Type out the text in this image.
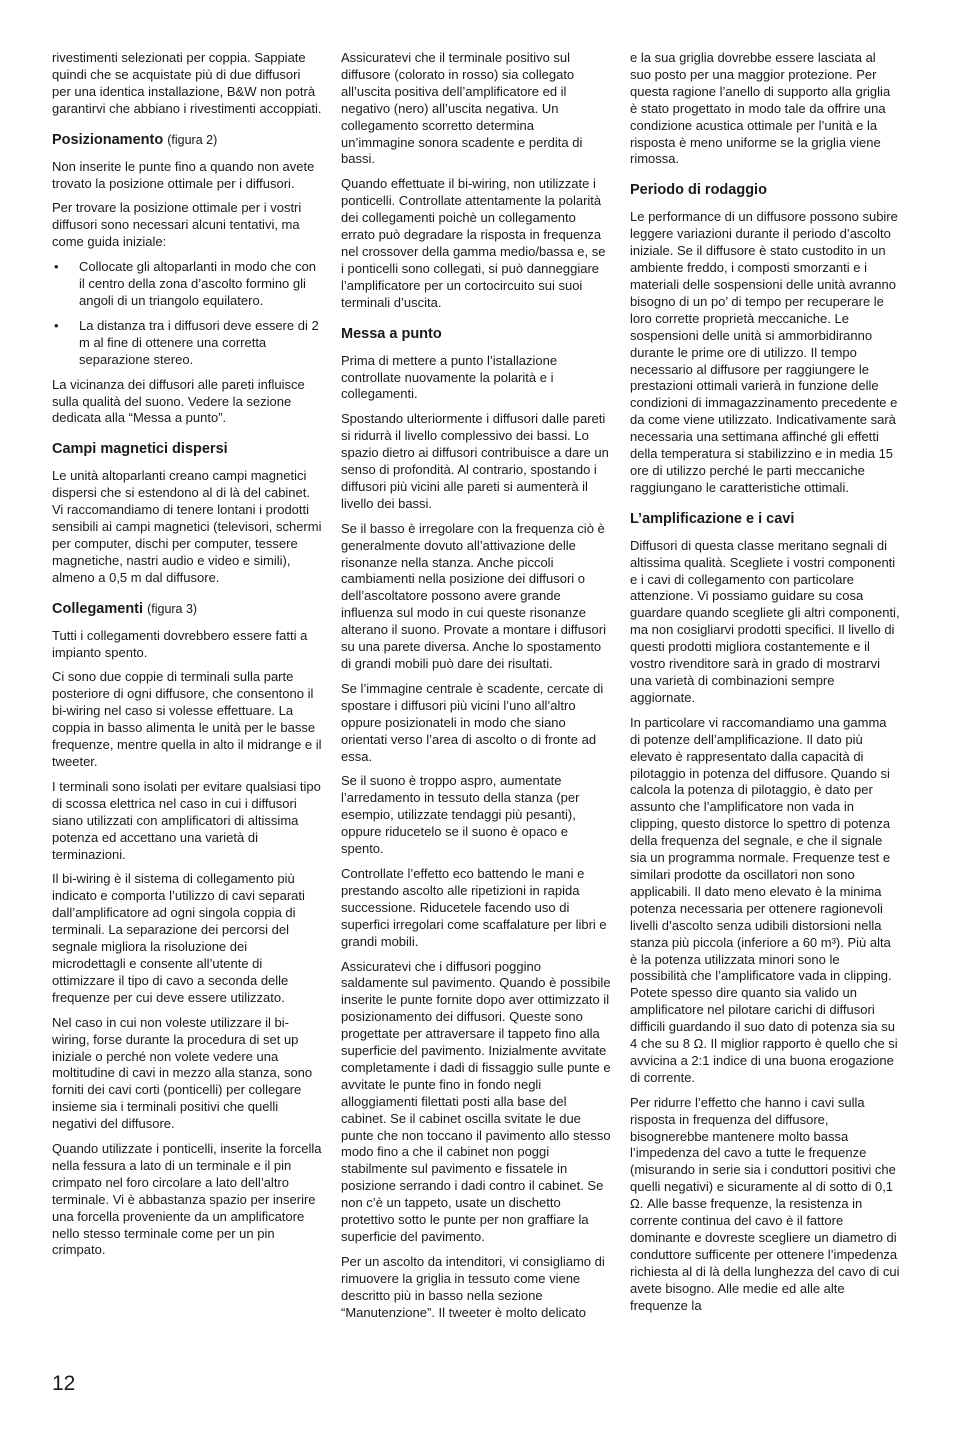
rivestimenti selezionati per coppia. Sappiate quindi che se acquistate più di due diffusori per una identica installazione, B&W non potrà garantirvi che abbiano i rivestimenti accoppiati.

Posizionamento (figura 2)

Non inserite le punte fino a quando non avete trovato la posizione ottimale per i diffusori.

Per trovare la posizione ottimale per i vostri diffusori sono necessari alcuni tentativi, ma come guida iniziale:

• Collocate gli altoparlanti in modo che con il centro della zona d’ascolto formino gli angoli di un triangolo equilatero.
• La distanza tra i diffusori deve essere di 2 m al fine di ottenere una corretta separazione stereo.

La vicinanza dei diffusori alle pareti influisce sulla qualità del suono. Vedere la sezione dedicata alla “Messa a punto”.

Campi magnetici dispersi

Le unità altoparlanti creano campi magnetici dispersi che si estendono al di là del cabinet. Vi raccomandiamo di tenere lontani i prodotti sensibili ai campi magnetici (televisori, schermi per computer, dischi per computer, tessere magnetiche, nastri audio e video e simili), almeno a 0,5 m dal diffusore.

Collegamenti (figura 3)

Tutti i collegamenti dovrebbero essere fatti a impianto spento.

Ci sono due coppie di terminali sulla parte posteriore di ogni diffusore, che consentono il bi-wiring nel caso si volesse effettuare. La coppia in basso alimenta le unità per le basse frequenze, mentre quella in alto il midrange e il tweeter.

I terminali sono isolati per evitare qualsiasi tipo di scossa elettrica nel caso in cui i diffusori siano utilizzati con amplificatori di altissima potenza ed accettano una varietà di terminazioni.

Il bi-wiring è il sistema di collegamento più indicato e comporta l’utilizzo di cavi separati dall’amplificatore ad ogni singola coppia di terminali. La separazione dei percorsi del segnale migliora la risoluzione dei microdettagli e consente all’utente di ottimizzare il tipo di cavo a seconda delle frequenze per cui deve essere utilizzato.

Nel caso in cui non voleste utilizzare il bi-wiring, forse durante la procedura di set up iniziale o perché non volete vedere una moltitudine di cavi in mezzo alla stanza, sono forniti dei cavi corti (ponticelli) per collegare insieme sia i terminali positivi che quelli negativi del diffusore.

Quando utilizzate i ponticelli, inserite la forcella nella fessura a lato di un terminale e il pin crimpato nel foro circolare a lato dell’altro terminale. Vi è abbastanza spazio per inserire una forcella proveniente da un amplificatore nello stesso terminale come per un pin crimpato.

Assicuratevi che il terminale positivo sul diffusore (colorato in rosso) sia collegato all’uscita positiva dell’amplificatore ed il negativo (nero) all’uscita negativa. Un collegamento scorretto determina un’immagine sonora scadente e perdita di bassi.

Quando effettuate il bi-wiring, non utilizzate i ponticelli. Controllate attentamente la polarità dei collegamenti poichè un collegamento errato può degradare la risposta in frequenza nel crossover della gamma medio/bassa e, se i ponticelli sono collegati, si può danneggiare l’amplificatore per un cortocircuito sui suoi terminali d’uscita.

Messa a punto

Prima di mettere a punto l’istallazione controllate nuovamente la polarità e i collegamenti.

Spostando ulteriormente i diffusori dalle pareti si ridurrà il livello complessivo dei bassi. Lo spazio dietro ai diffusori contribuisce a dare un senso di profondità. Al contrario, spostando i diffusori più vicini alle pareti si aumenterà il livello dei bassi.

Se il basso è irregolare con la frequenza ciò è generalmente dovuto all’attivazione delle risonanze nella stanza. Anche piccoli cambiamenti nella posizione dei diffusori o dell’ascoltatore possono avere grande influenza sul modo in cui queste risonanze alterano il suono. Provate a montare i diffusori su una parete diversa. Anche lo spostamento di grandi mobili può dare dei risultati.

Se l’immagine centrale è scadente, cercate di spostare i diffusori più vicini l’uno all’altro oppure posizionateli in modo che siano orientati verso l’area di ascolto o di fronte ad essa.

Se il suono è troppo aspro, aumentate l’arredamento in tessuto della stanza (per esempio, utilizzate tendaggi più pesanti), oppure riducetelo se il suono è opaco e spento.

Controllate l’effetto eco battendo le mani e prestando ascolto alle ripetizioni in rapida successione. Riducetele facendo uso di superfici irregolari come scaffalature per libri e grandi mobili.

Assicuratevi che i diffusori poggino saldamente sul pavimento. Quando è possibile inserite le punte fornite dopo aver ottimizzato il posizionamento dei diffusori. Queste sono progettate per attraversare il tappeto fino alla superficie del pavimento. Inizialmente avvitate completamente i dadi di fissaggio sulle punte e avvitate le punte fino in fondo negli alloggiamenti filettati posti alla base del cabinet. Se il cabinet oscilla svitate le due punte che non toccano il pavimento allo stesso modo fino a che il cabinet non poggi stabilmente sul pavimento e fissatele in posizione serrando i dadi contro il cabinet. Se non c’è un tappeto, usate un dischetto protettivo sotto le punte per non graffiare la superficie del pavimento.

Per un ascolto da intenditori, vi consigliamo di rimuovere la griglia in tessuto come viene descritto più in basso nella sezione “Manutenzione”. Il tweeter è molto delicato

e la sua griglia dovrebbe essere lasciata al suo posto per una maggior protezione. Per questa ragione l’anello di supporto alla griglia è stato progettato in modo tale da offrire una condizione acustica ottimale per l’unità e la risposta è meno uniforme se la griglia viene rimossa.

Periodo di rodaggio

Le performance di un diffusore possono subire leggere variazioni durante il periodo d’ascolto iniziale. Se il diffusore è stato custodito in un ambiente freddo, i composti smorzanti e i materiali delle sospensioni delle unità avranno bisogno di un po’ di tempo per recuperare le loro corrette proprietà meccaniche. Le sospensioni delle unità si ammorbidiranno durante le prime ore di utilizzo. Il tempo necessario al diffusore per raggiungere le prestazioni ottimali varierà in funzione delle condizioni di immagazzinamento precedente e da come viene utilizzato. Indicativamente sarà necessaria una settimana affinché gli effetti della temperatura si stabilizzino e in media 15 ore di utilizzo perché le parti meccaniche raggiungano le caratteristiche ottimali.

L’amplificazione e i cavi

Diffusori di questa classe meritano segnali di altissima qualità. Scegliete i vostri componenti e i cavi di collegamento con particolare attenzione. Vi possiamo guidare su cosa guardare quando scegliete gli altri componenti, ma non cosigliarvi prodotti specifici. Il livello di questi prodotti migliora costantemente e il vostro rivenditore sarà in grado di mostrarvi una varietà di combinazioni sempre aggiornate.

In particolare vi raccomandiamo una gamma di potenze dell’amplificazione. Il dato più elevato è rappresentato dalla capacità di pilotaggio in potenza del diffusore. Quando si calcola la potenza di pilotaggio, è dato per assunto che l’amplificatore non vada in clipping, questo distorce lo spettro di potenza della frequenza del segnale, e che il signale sia un programma normale. Frequenze test e similari prodotte da oscillatori non sono applicabili. Il dato meno elevato è la minima potenza necessaria per ottenere ragionevoli livelli d’ascolto senza udibili distorsioni nella stanza più piccola (inferiore a 60 m³). Più alta è la potenza utilizzata minori sono le possibilità che l’amplificatore vada in clipping. Potete spesso dire quanto sia valido un amplificatore nel pilotare carichi di diffusori difficili guardando il suo dato di potenza sia su 4 che su 8 Ω. Il miglior rapporto è quello che si avvicina a 2:1 indice di una buona erogazione di corrente.

Per ridurre l’effetto che hanno i cavi sulla risposta in frequenza del diffusore, bisognerebbe mantenere molto bassa l’impedenza del cavo a tutte le frequenze (misurando in serie sia i conduttori positivi che quelli negativi) e sicuramente al di sotto di 0,1 Ω. Alle basse frequenze, la resistenza in corrente continua del cavo è il fattore dominante e dovreste scegliere un diametro di conduttore sufficente per ottenere l’impedenza richiesta al di là della lunghezza del cavo di cui avete bisogno. Alle medie ed alle alte frequenze la

12
